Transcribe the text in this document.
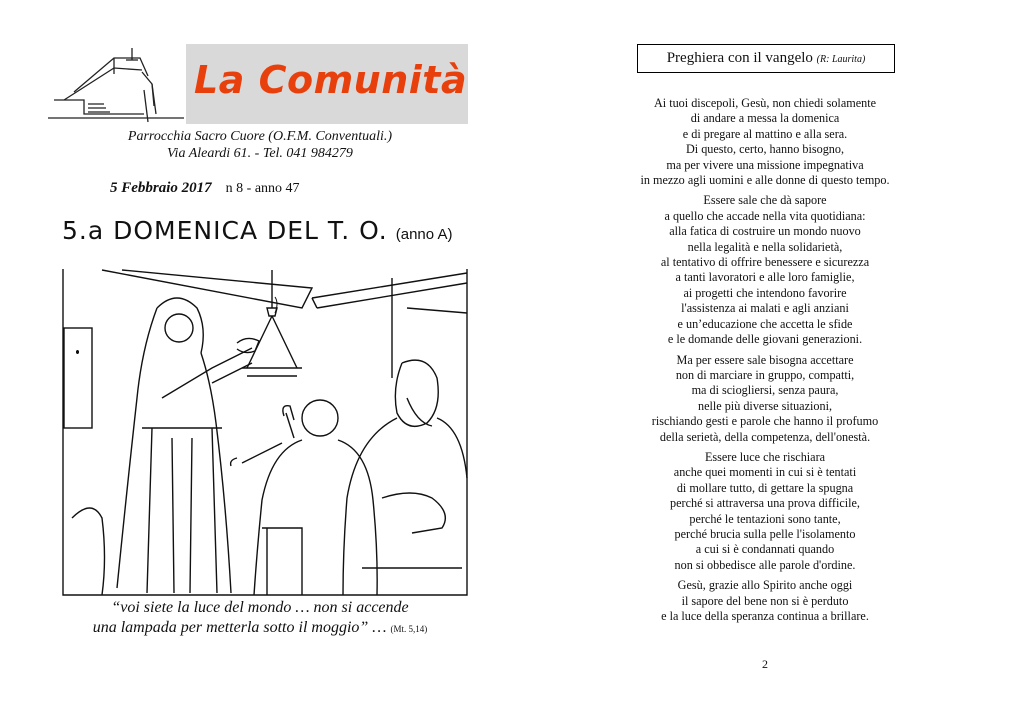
La Comunità
Parrocchia Sacro Cuore (O.F.M. Conventuali.)
Via Aleardi 61. - Tel. 041 984279
5 Febbraio 2017 n 8 - anno 47
5.a DOMENICA DEL T. O. (anno A)
“voi siete la luce del mondo … non si accende
una lampada per metterla sotto il moggio” … (Mt. 5,14)
Preghiera con il vangelo (R: Laurita)
Ai tuoi discepoli, Gesù, non chiedi solamente
di andare a messa la domenica
e di pregare al mattino e alla sera.
Di questo, certo, hanno bisogno,
ma per vivere una missione impegnativa
in mezzo agli uomini e alle donne di questo tempo.
Essere sale che dà sapore
a quello che accade nella vita quotidiana:
alla fatica di costruire un mondo nuovo
nella legalità e nella solidarietà,
al tentativo di offrire benessere e sicurezza
a tanti lavoratori e alle loro famiglie,
ai progetti che intendono favorire
l'assistenza ai malati e agli anziani
e un’educazione che accetta le sfide
e le domande delle giovani generazioni.
Ma per essere sale bisogna accettare
non di marciare in gruppo, compatti,
ma di sciogliersi, senza paura,
nelle più diverse situazioni,
rischiando gesti e parole che hanno il profumo
della serietà, della competenza, dell'onestà.
Essere luce che rischiara
anche quei momenti in cui si è tentati
di mollare tutto, di gettare la spugna
perché si attraversa una prova difficile,
perché le tentazioni sono tante,
perché brucia sulla pelle l'isolamento
a cui si è condannati quando
non si obbedisce alle parole d'ordine.
Gesù, grazie allo Spirito anche oggi
il sapore del bene non si è perduto
e la luce della speranza continua a brillare.
2
